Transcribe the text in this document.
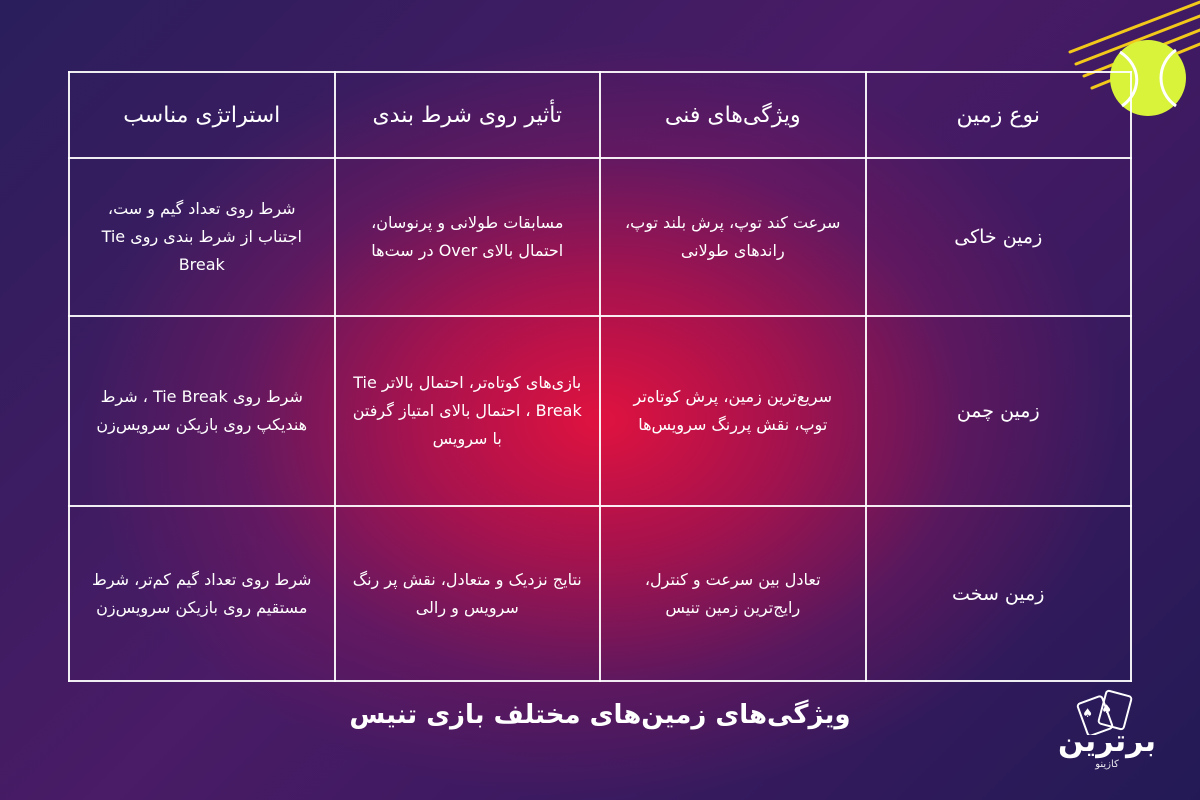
نوع زمین	ویژگی‌های فنی	تأثیر روی شرط بندی	استراتژی مناسب
زمین خاکی	سرعت کند توپ، پرش بلند توپ، راندهای طولانی	مسابقات طولانی و پرنوسان، احتمال بالای Over در ست‌ها	شرط روی تعداد گیم و ست، اجتناب از شرط بندی روی Tie Break
زمین چمن	سریع‌ترین زمین، پرش کوتاه‌تر توپ، نقش پررنگ سرویس‌ها	بازی‌های کوتاه‌تر، احتمال بالاتر Tie Break ، احتمال بالای امتیاز گرفتن با سرویس	شرط روی Tie Break ، شرط هندیکپ روی بازیکن سرویس‌زن
زمین سخت	تعادل بین سرعت و کنترل، رایج‌ترین زمین تنیس	نتایج نزدیک و متعادل، نقش پر رنگ سرویس و رالی	شرط روی تعداد گیم کم‌تر، شرط مستقیم روی بازیکن سرویس‌زن
ویژگی‌های زمین‌های مختلف بازی تنیس	♠ ♠
برترین
کازینو
